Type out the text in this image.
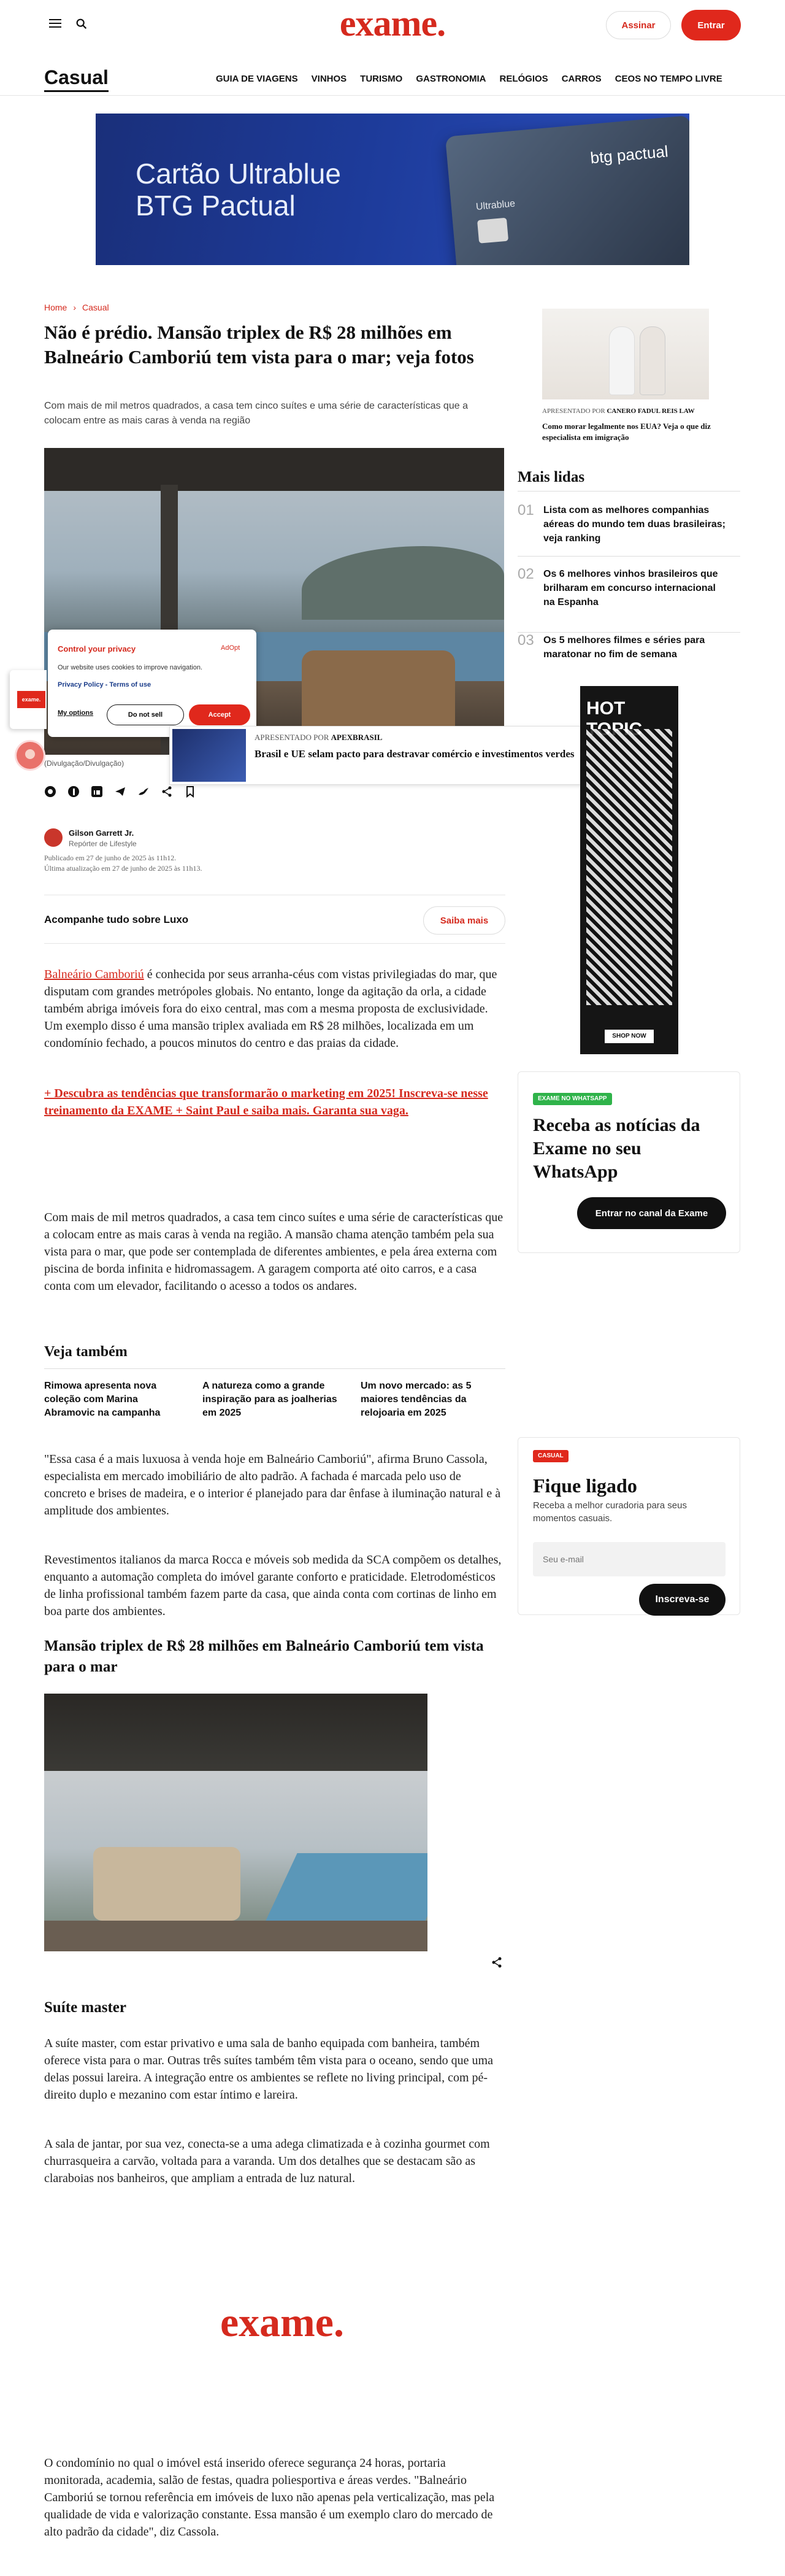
exame.	Assinar	Entrar
Casual	GUIA DE VIAGENS VINHOS TURISMO GASTRONOMIA RELÓGIOS CARROS CEOS NO TEMPO LIVRE
Cartão Ultrablue
BTG Pactual
btg pactual
Ultrablue
Home › Casual
Não é prédio. Mansão triplex de R$ 28 milhões em Balneário Camboriú tem vista para o mar; veja fotos

Com mais de mil metros quadrados, a casa tem cinco suítes e uma série de características que a colocam entre as mais caras à venda na região

(Divulgação/Divulgação)
Control your privacy	AdOpt
Our website uses cookies to improve navigation.
Privacy Policy - Terms of use
My options	Do not sell	Accept
exame.
APRESENTADO POR APEXBRASIL
Brasil e UE selam pacto para destravar comércio e investimentos verdes
Gilson Garrett Jr.
Repórter de Lifestyle
Publicado em 27 de junho de 2025 às 11h12.
Última atualização em 27 de junho de 2025 às 11h13.
Acompanhe tudo sobre Luxo	Saiba mais

Balneário Camboriú é conhecida por seus arranha-céus com vistas privilegiadas do mar, que disputam com grandes metrópoles globais. No entanto, longe da agitação da orla, a cidade também abriga imóveis fora do eixo central, mas com a mesma proposta de exclusividade. Um exemplo disso é uma mansão triplex avaliada em R$ 28 milhões, localizada em um condomínio fechado, a poucos minutos do centro e das praias da cidade.

+ Descubra as tendências que transformarão o marketing em 2025! Inscreva-se nesse treinamento da EXAME + Saint Paul e saiba mais. Garanta sua vaga.

Com mais de mil metros quadrados, a casa tem cinco suítes e uma série de características que a colocam entre as mais caras à venda na região. A mansão chama atenção também pela sua vista para o mar, que pode ser contemplada de diferentes ambientes, e pela área externa com piscina de borda infinita e hidromassagem. A garagem comporta até oito carros, e a casa conta com um elevador, facilitando o acesso a todos os andares.

Veja também
Rimowa apresenta nova coleção com Marina Abramovic na campanha
A natureza como a grande inspiração para as joalherias em 2025
Um novo mercado: as 5 maiores tendências da relojoaria em 2025

"Essa casa é a mais luxuosa à venda hoje em Balneário Camboriú", afirma Bruno Cassola, especialista em mercado imobiliário de alto padrão. A fachada é marcada pelo uso de concreto e brises de madeira, e o interior é planejado para dar ênfase à iluminação natural e à amplitude dos ambientes.

Revestimentos italianos da marca Rocca e móveis sob medida da SCA compõem os detalhes, enquanto a automação completa do imóvel garante conforto e praticidade. Eletrodomésticos de linha profissional também fazem parte da casa, que ainda conta com cortinas de linho em boa parte dos ambientes.

Mansão triplex de R$ 28 milhões em Balneário Camboriú tem vista para o mar
Suíte master

A suíte master, com estar privativo e uma sala de banho equipada com banheira, também oferece vista para o mar. Outras três suítes também têm vista para o oceano, sendo que uma delas possui lareira. A integração entre os ambientes se reflete no living principal, com pé-direito duplo e mezanino com estar íntimo e lareira.

A sala de jantar, por sua vez, conecta-se a uma adega climatizada e à cozinha gourmet com churrasqueira a carvão, voltada para a varanda. Um dos detalhes que se destacam são as claraboias nos banheiros, que ampliam a entrada de luz natural.

exame.

O condomínio no qual o imóvel está inserido oferece segurança 24 horas, portaria monitorada, academia, salão de festas, quadra poliesportiva e áreas verdes. "Balneário Camboriú se tornou referência em imóveis de luxo não apenas pela verticalização, mas pela qualidade de vida e valorização constante. Essa mansão é um exemplo claro do mercado de alto padrão da cidade", diz Cassola.

APRESENTADO POR CANERO FADUL REIS LAW
Como morar legalmente nos EUA? Veja o que diz especialista em imigração
Mais lidas
01 Lista com as melhores companhias aéreas do mundo tem duas brasileiras; veja ranking
02 Os 6 melhores vinhos brasileiros que brilharam em concurso internacional na Espanha
03 Os 5 melhores filmes e séries para maratonar no fim de semana
HOT
SHOP NOW
EXAME NO WHATSAPP
Receba as notícias da Exame no seu WhatsApp
Entrar no canal da Exame
CASUAL
Fique ligado
Receba a melhor curadoria para seus momentos casuais.
Seu e-mail
Inscreva-se
